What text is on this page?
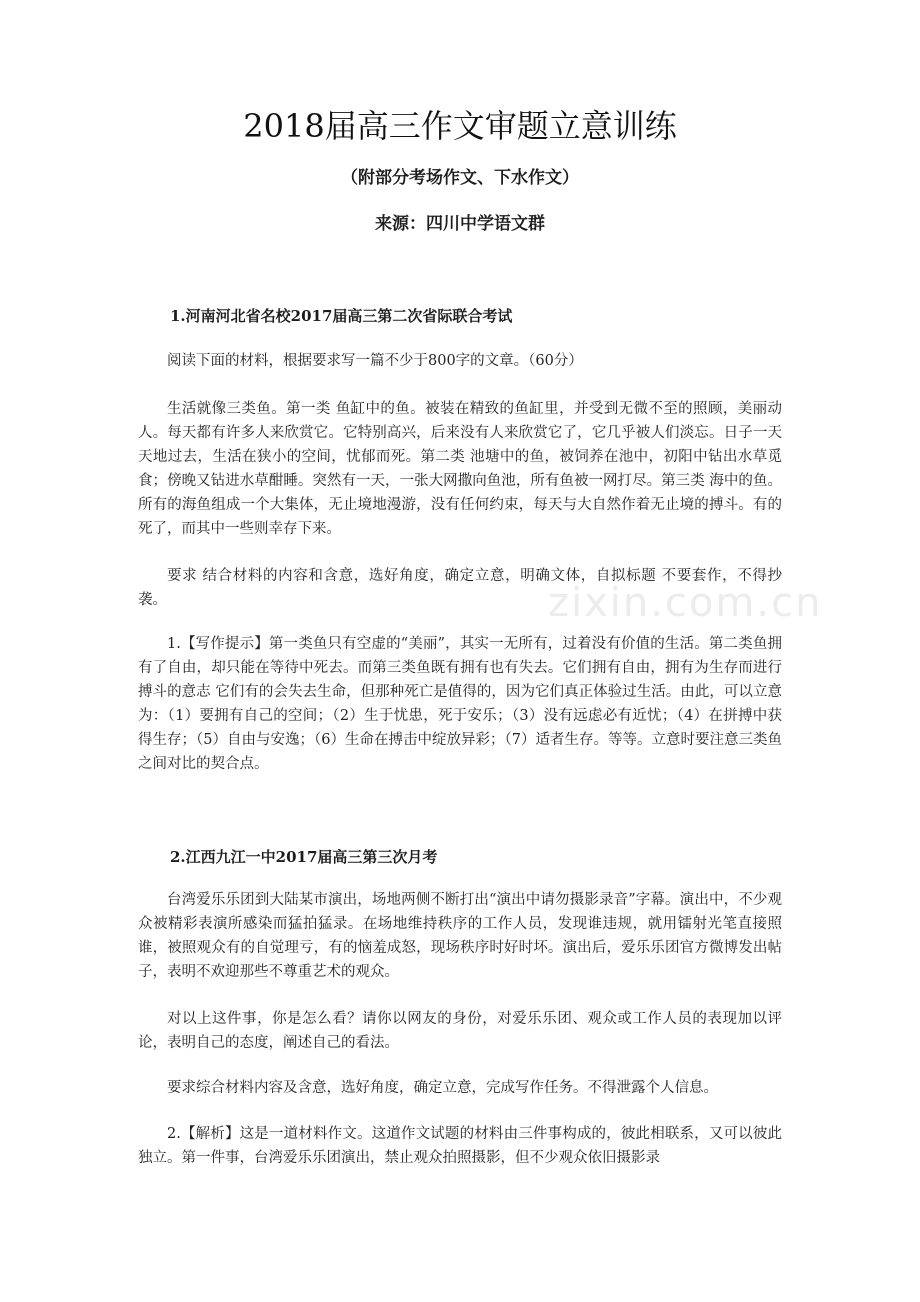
zixin.com.cn
2018届高三作文审题立意训练

（附部分考场作文、下水作文）

来源：四川中学语文群

1.河南河北省名校2017届高三第二次省际联合考试

阅读下面的材料，根据要求写一篇不少于800字的文章。（60分）

生活就像三类鱼。第一类 鱼缸中的鱼。被装在精致的鱼缸里，并受到无微不至的照顾，美丽动人。每天都有许多人来欣赏它。它特别高兴，后来没有人来欣赏它了，它几乎被人们淡忘。日子一天天地过去，生活在狭小的空间，忧郁而死。第二类 池塘中的鱼，被饲养在池中，初阳中钻出水草觅食；傍晚又钻进水草酣睡。突然有一天，一张大网撒向鱼池，所有鱼被一网打尽。第三类 海中的鱼。所有的海鱼组成一个大集体，无止境地漫游，没有任何约束，每天与大自然作着无止境的搏斗。有的死了，而其中一些则幸存下来。

要求 结合材料的内容和含意，选好角度，确定立意，明确文体，自拟标题 不要套作，不得抄袭。

1.【写作提示】第一类鱼只有空虚的“美丽”，其实一无所有，过着没有价值的生活。第二类鱼拥有了自由，却只能在等待中死去。而第三类鱼既有拥有也有失去。它们拥有自由，拥有为生存而进行搏斗的意志 它们有的会失去生命，但那种死亡是值得的，因为它们真正体验过生活。由此，可以立意为：（1）要拥有自己的空间；（2）生于忧患，死于安乐；（3）没有远虑必有近忧；（4）在拼搏中获得生存；（5）自由与安逸；（6）生命在搏击中绽放异彩；（7）适者生存。等等。立意时要注意三类鱼之间对比的契合点。

2.江西九江一中2017届高三第三次月考

台湾爱乐乐团到大陆某市演出，场地两侧不断打出“演出中请勿摄影录音”字幕。演出中，不少观众被精彩表演所感染而猛拍猛录。在场地维持秩序的工作人员，发现谁违规，就用镭射光笔直接照谁，被照观众有的自觉理亏，有的恼羞成怒，现场秩序时好时坏。演出后，爱乐乐团官方微博发出帖子，表明不欢迎那些不尊重艺术的观众。

对以上这件事，你是怎么看？请你以网友的身份，对爱乐乐团、观众或工作人员的表现加以评论，表明自己的态度，阐述自己的看法。

要求综合材料内容及含意，选好角度，确定立意，完成写作任务。不得泄露个人信息。

2.【解析】这是一道材料作文。这道作文试题的材料由三件事构成的，彼此相联系，又可以彼此独立。第一件事，台湾爱乐乐团演出，禁止观众拍照摄影，但不少观众依旧摄影录
